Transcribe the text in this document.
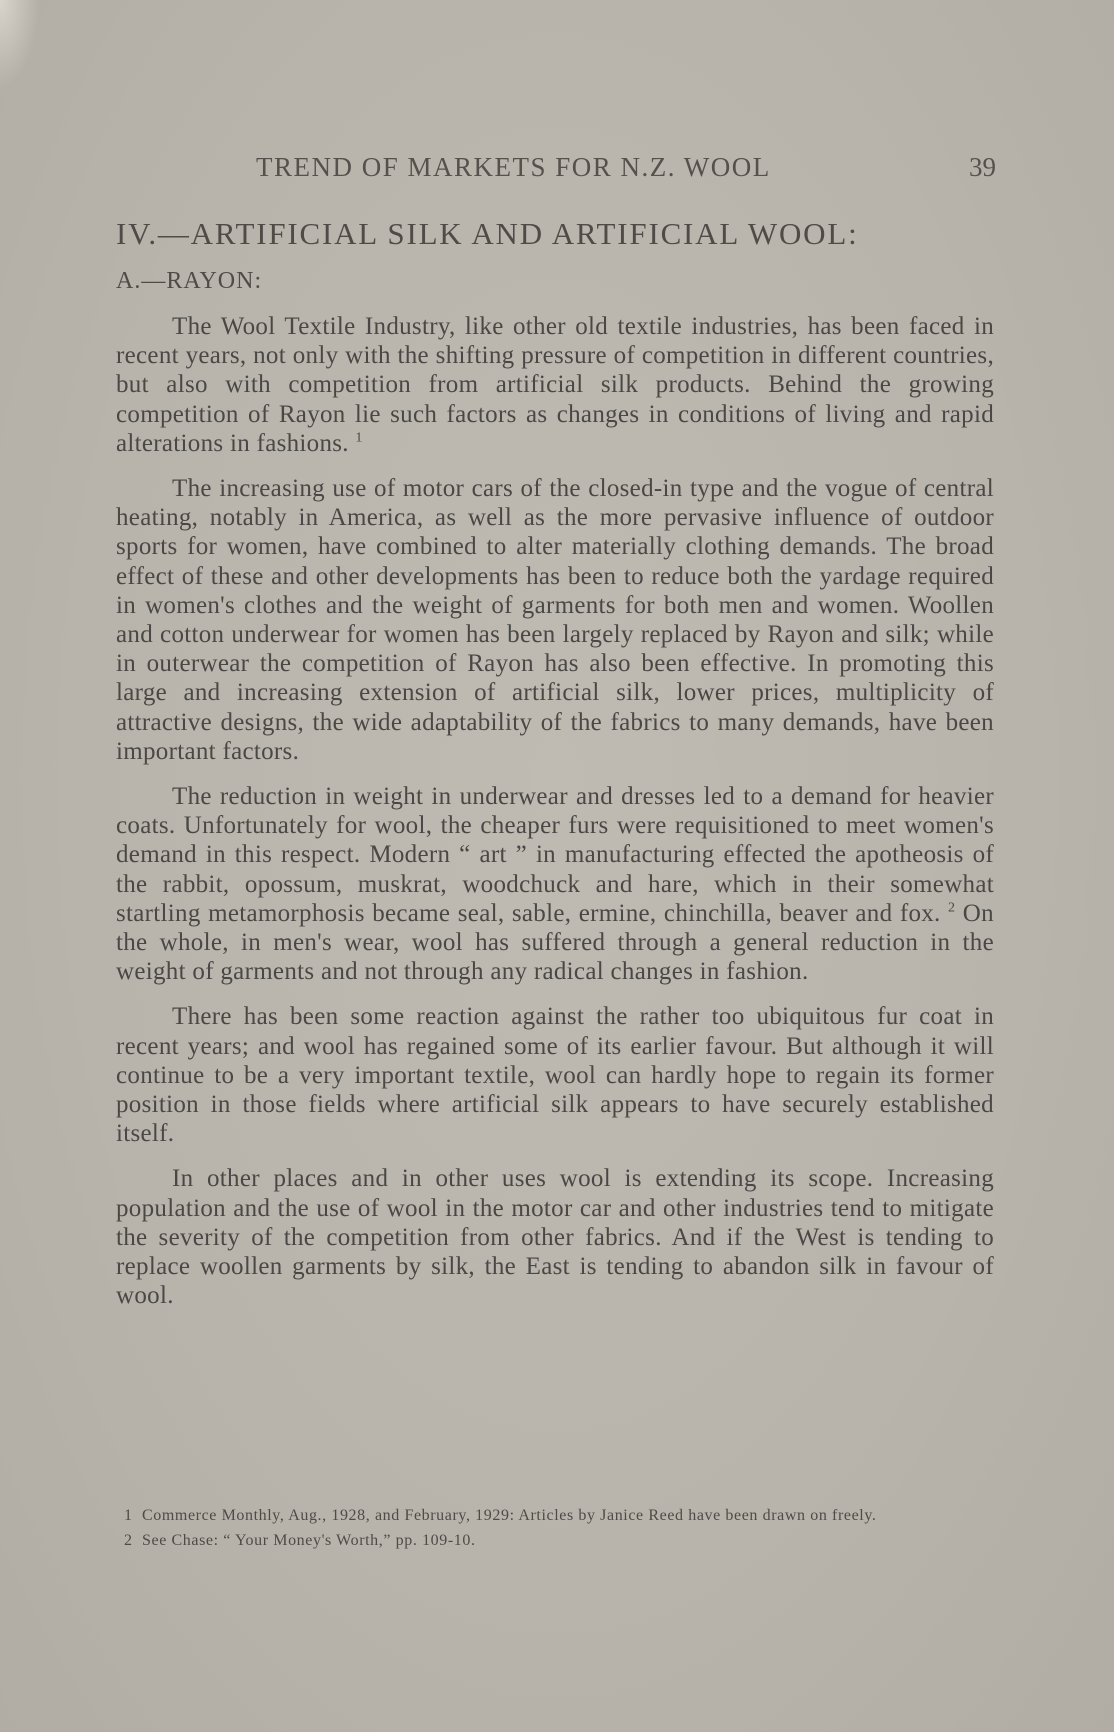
TREND OF MARKETS FOR N.Z. WOOL	39
IV.—ARTIFICIAL SILK AND ARTIFICIAL WOOL:
A.—RAYON:

The Wool Textile Industry, like other old textile industries, has been faced in recent years, not only with the shifting pressure of competition in different countries, but also with competition from artificial silk products. Behind the growing competition of Rayon lie such factors as changes in conditions of living and rapid alterations in fashions. $^1$

The increasing use of motor cars of the closed-in type and the vogue of central heating, notably in America, as well as the more pervasive influence of outdoor sports for women, have combined to alter materially clothing demands. The broad effect of these and other developments has been to reduce both the yardage required in women's clothes and the weight of garments for both men and women. Woollen and cotton underwear for women has been largely replaced by Rayon and silk; while in outerwear the competition of Rayon has also been effective. In promoting this large and increasing extension of artificial silk, lower prices, multiplicity of attractive designs, the wide adaptability of the fabrics to many demands, have been important factors.

The reduction in weight in underwear and dresses led to a demand for heavier coats. Unfortunately for wool, the cheaper furs were requisitioned to meet women's demand in this respect. Modern “ art ” in manufacturing effected the apotheosis of the rabbit, opossum, muskrat, woodchuck and hare, which in their somewhat startling metamorphosis became seal, sable, ermine, chinchilla, beaver and fox. $^2$ On the whole, in men's wear, wool has suffered through a general reduction in the weight of garments and not through any radical changes in fashion.

There has been some reaction against the rather too ubiquitous fur coat in recent years; and wool has regained some of its earlier favour. But although it will continue to be a very important textile, wool can hardly hope to regain its former position in those fields where artificial silk appears to have securely established itself.

In other places and in other uses wool is extending its scope. Increasing population and the use of wool in the motor car and other industries tend to mitigate the severity of the competition from other fabrics. And if the West is tending to replace woollen garments by silk, the East is tending to abandon silk in favour of wool.

1 Commerce Monthly, Aug., 1928, and February, 1929: Articles by Janice Reed have been drawn on freely.

2 See Chase: “ Your Money's Worth,” pp. 109-10.
